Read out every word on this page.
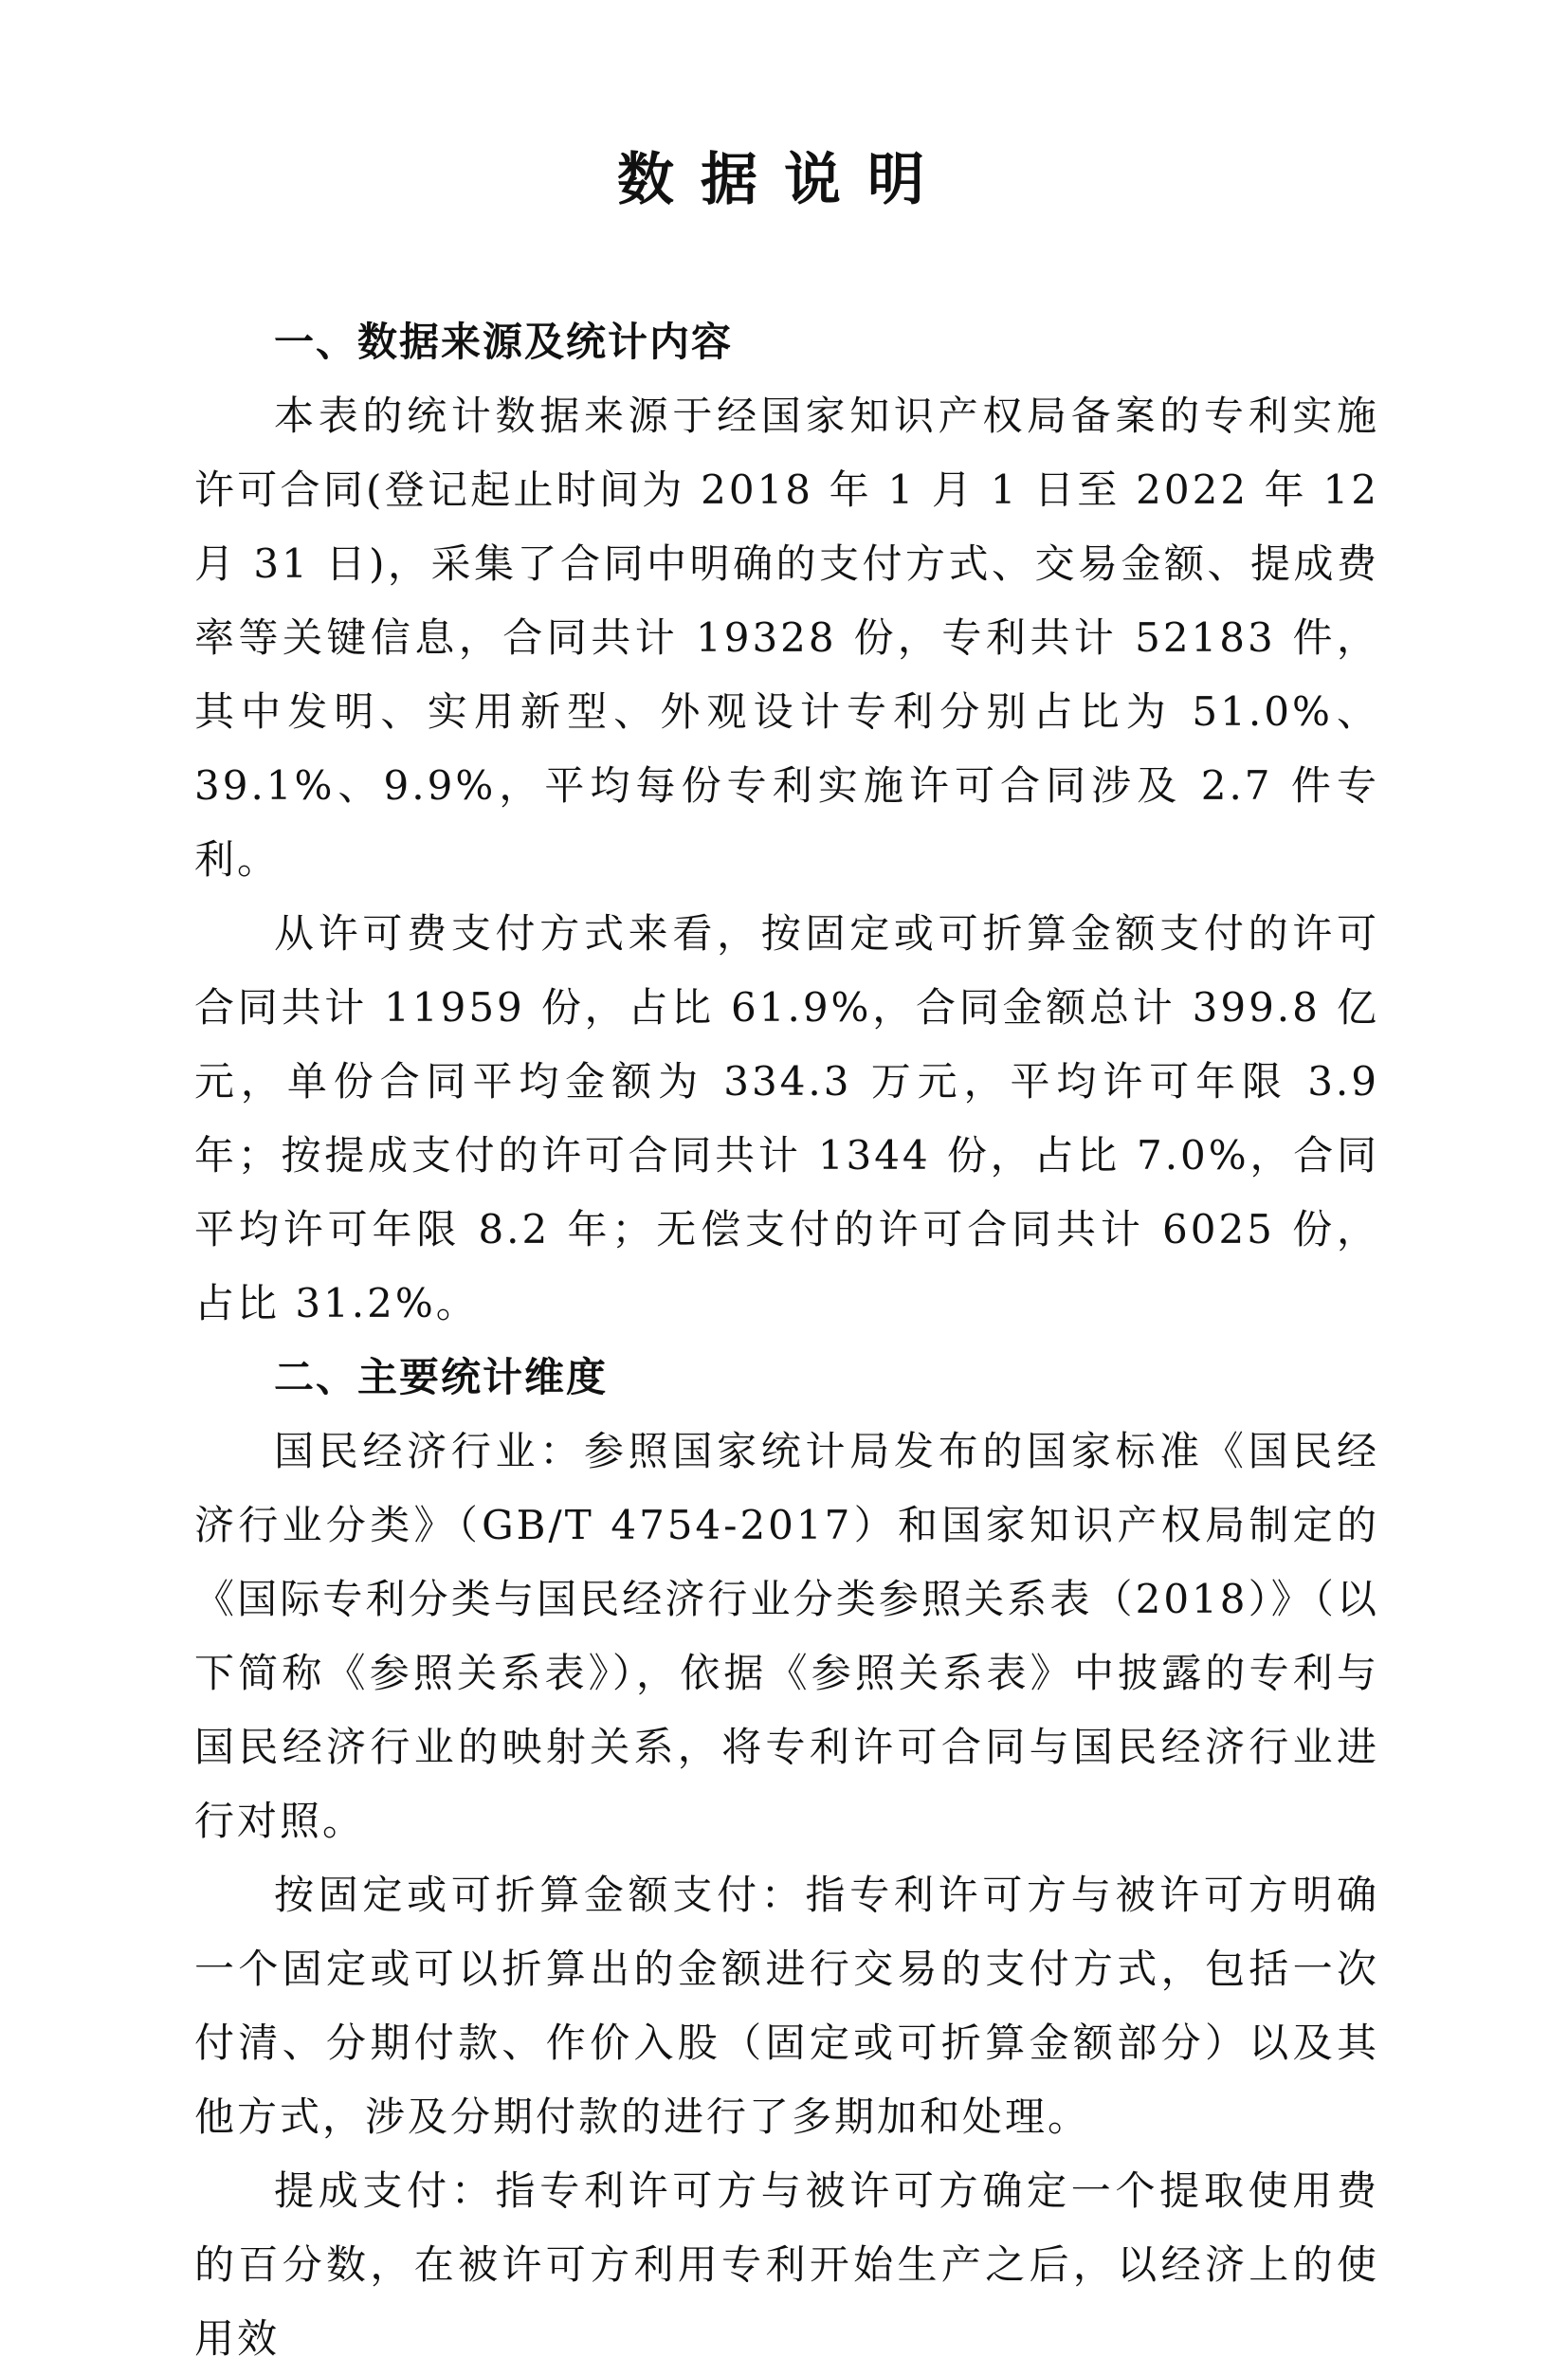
数据说明

一、数据来源及统计内容

本表的统计数据来源于经国家知识产权局备案的专利实施许可合同(登记起止时间为 2018 年 1 月 1 日至 2022 年 12 月 31 日)，采集了合同中明确的支付方式、交易金额、提成费率等关键信息，合同共计 19328 份，专利共计 52183 件，其中发明、实用新型、外观设计专利分别占比为 51.0%、39.1%、9.9%，平均每份专利实施许可合同涉及 2.7 件专利。

从许可费支付方式来看，按固定或可折算金额支付的许可合同共计 11959 份，占比 61.9%，合同金额总计 399.8 亿元，单份合同平均金额为 334.3 万元，平均许可年限 3.9 年；按提成支付的许可合同共计 1344 份，占比 7.0%，合同平均许可年限 8.2 年；无偿支付的许可合同共计 6025 份，占比 31.2%。

二、主要统计维度

国民经济行业：参照国家统计局发布的国家标准《国民经济行业分类》（GB/T 4754-2017）和国家知识产权局制定的《国际专利分类与国民经济行业分类参照关系表（2018）》（以下简称《参照关系表》），依据《参照关系表》中披露的专利与国民经济行业的映射关系，将专利许可合同与国民经济行业进行对照。

按固定或可折算金额支付：指专利许可方与被许可方明确一个固定或可以折算出的金额进行交易的支付方式，包括一次付清、分期付款、作价入股（固定或可折算金额部分）以及其他方式，涉及分期付款的进行了多期加和处理。

提成支付：指专利许可方与被许可方确定一个提取使用费的百分数，在被许可方利用专利开始生产之后，以经济上的使用效
